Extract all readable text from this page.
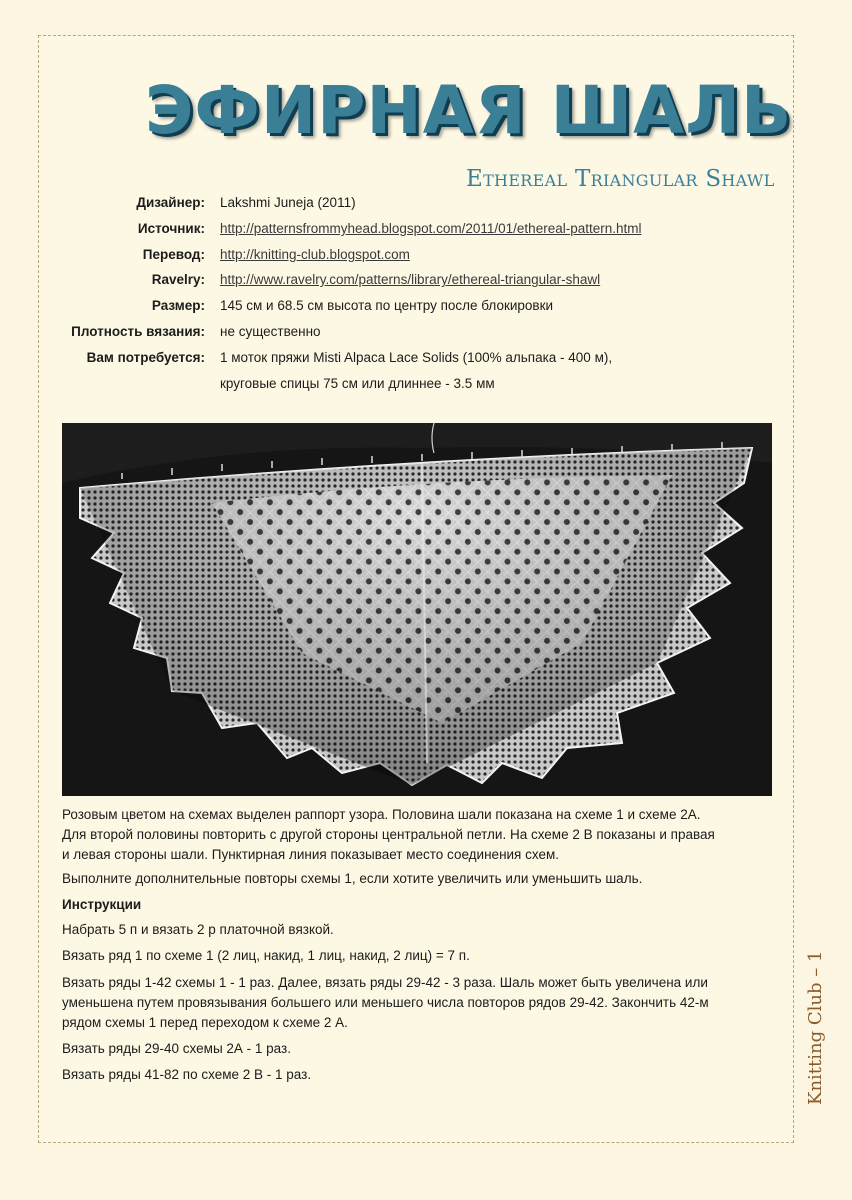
ЭФИРНАЯ ШАЛЬ
Ethereal Triangular Shawl
Дизайнер: Lakshmi Juneja (2011)
Источник: http://patternsfrommyhead.blogspot.com/2011/01/ethereal-pattern.html
Перевод: http://knitting-club.blogspot.com
Ravelry: http://www.ravelry.com/patterns/library/ethereal-triangular-shawl
Размер: 145 см и 68.5 см высота по центру после блокировки
Плотность вязания: не существенно
Вам потребуется: 1 моток пряжи Misti Alpaca Lace Solids (100% альпака - 400 м),
круговые спицы 75 см или длиннее - 3.5 мм
Розовым цветом на схемах выделен раппорт узора. Половина шали показана на схеме 1 и схеме 2А.
Для второй половины повторить с другой стороны центральной петли. На схеме 2 В показаны и правая
и левая стороны шали. Пунктирная линия показывает место соединения схем.
Выполните дополнительные повторы схемы 1, если хотите увеличить или уменьшить шаль.
Инструкции
Набрать 5 п и вязать 2 р платочной вязкой.
Вязать ряд 1 по схеме 1 (2 лиц, накид, 1 лиц, накид, 2 лиц) = 7 п.
Вязать ряды 1-42 схемы 1 - 1 раз. Далее, вязать ряды 29-42 - 3 раза. Шаль может быть увеличена или
уменьшена путем провязывания большего или меньшего числа повторов рядов 29-42. Закончить 42-м
рядом схемы 1 перед переходом к схеме 2 А.
Вязать ряды 29-40 схемы 2А - 1 раз.
Вязать ряды 41-82 по схеме 2 В - 1 раз.	Knitting Club – 1
